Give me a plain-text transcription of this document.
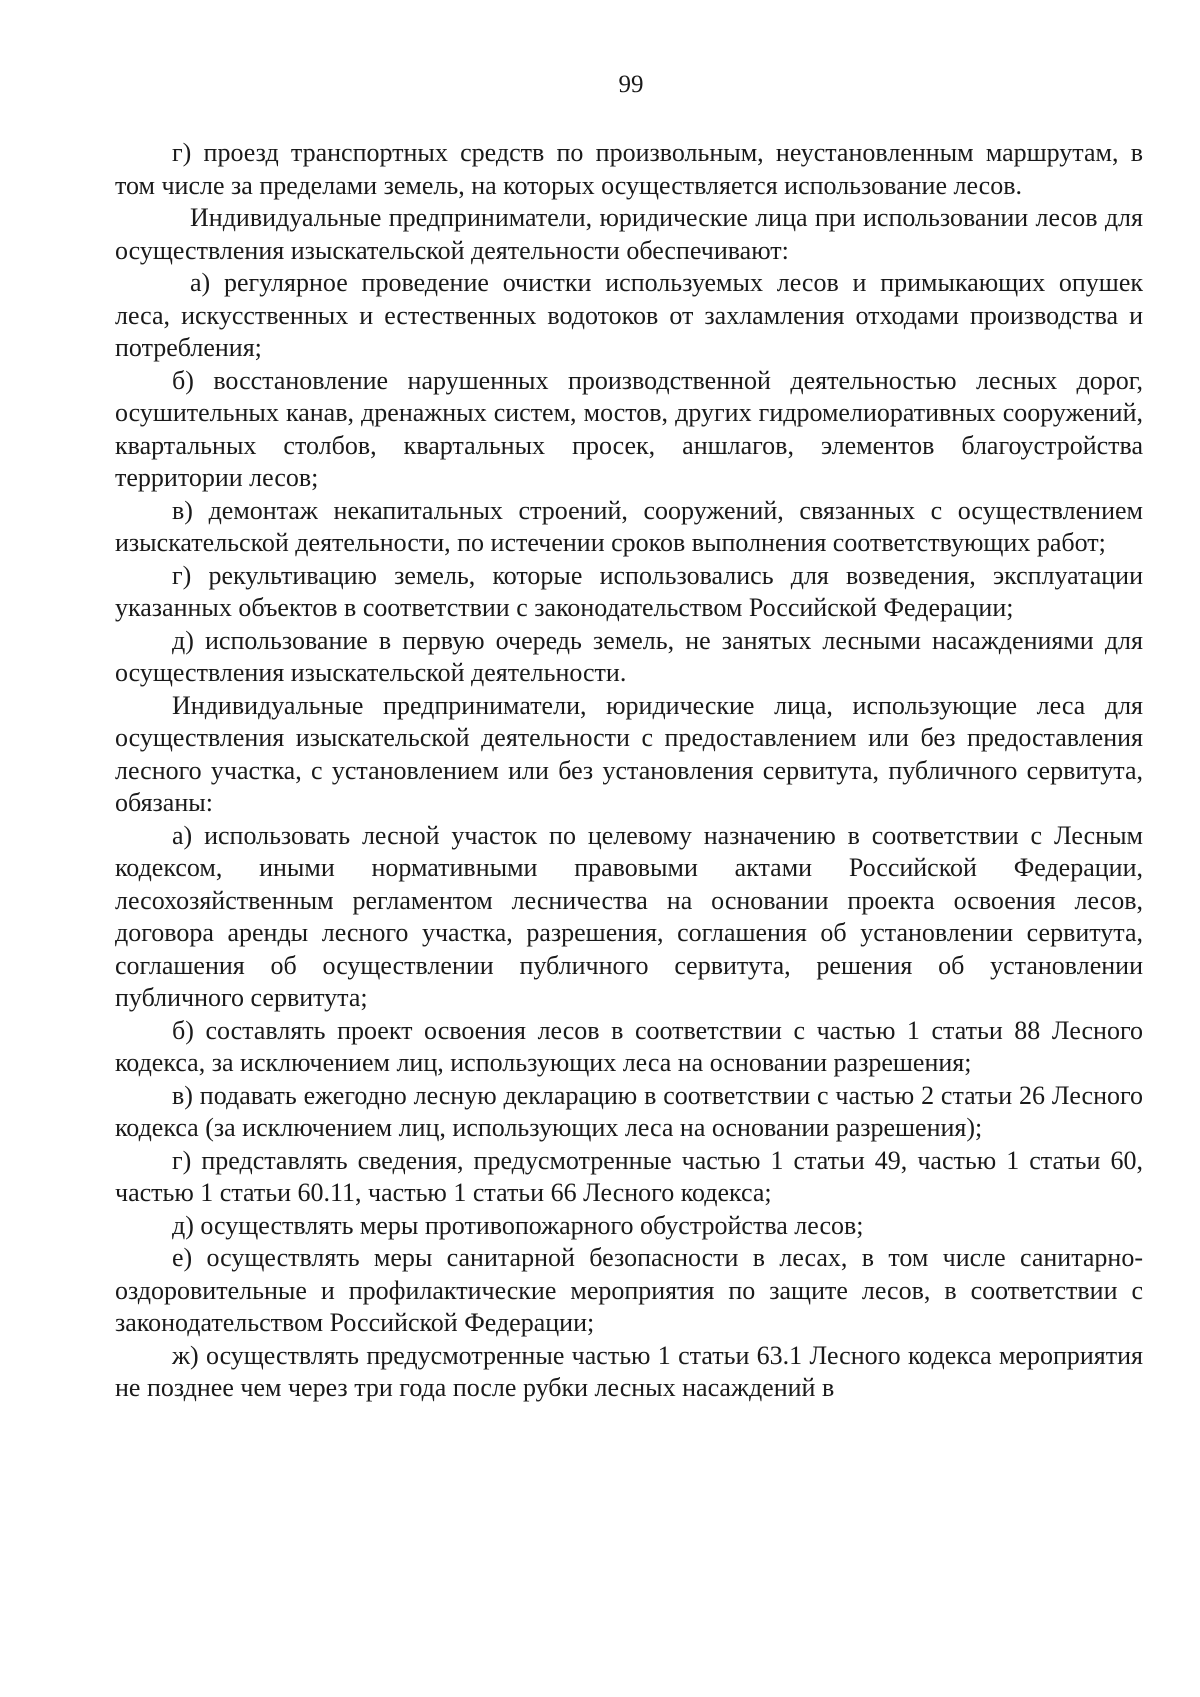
99

г) проезд транспортных средств по произвольным, неустановленным маршрутам, в том числе за пределами земель, на которых осуществляется использование лесов.

Индивидуальные предприниматели, юридические лица при использовании лесов для осуществления изыскательской деятельности обеспечивают:

а) регулярное проведение очистки используемых лесов и примыкающих опушек леса, искусственных и естественных водотоков от захламления отходами производства и потребления;

б) восстановление нарушенных производственной деятельностью лесных дорог, осушительных канав, дренажных систем, мостов, других гидромелиоративных сооружений, квартальных столбов, квартальных просек, аншлагов, элементов благоустройства территории лесов;

в) демонтаж некапитальных строений, сооружений, связанных с осуществлением изыскательской деятельности, по истечении сроков выполнения соответствующих работ;

г) рекультивацию земель, которые использовались для возведения, эксплуатации указанных объектов в соответствии с законодательством Российской Федерации;

д) использование в первую очередь земель, не занятых лесными насаждениями для осуществления изыскательской деятельности.

Индивидуальные предприниматели, юридические лица, использующие леса для осуществления изыскательской деятельности с предоставлением или без предоставления лесного участка, с установлением или без установления сервитута, публичного сервитута, обязаны:

а) использовать лесной участок по целевому назначению в соответствии с Лесным кодексом, иными нормативными правовыми актами Российской Федерации, лесохозяйственным регламентом лесничества на основании проекта освоения лесов, договора аренды лесного участка, разрешения, соглашения об установлении сервитута, соглашения об осуществлении публичного сервитута, решения об установлении публичного сервитута;

б) составлять проект освоения лесов в соответствии с частью 1 статьи 88 Лесного кодекса, за исключением лиц, использующих леса на основании разрешения;

в) подавать ежегодно лесную декларацию в соответствии с частью 2 статьи 26 Лесного кодекса (за исключением лиц, использующих леса на основании разрешения);

г) представлять сведения, предусмотренные частью 1 статьи 49, частью 1 статьи 60, частью 1 статьи 60.11, частью 1 статьи 66 Лесного кодекса;

д) осуществлять меры противопожарного обустройства лесов;

е) осуществлять меры санитарной безопасности в лесах, в том числе санитарно-оздоровительные и профилактические мероприятия по защите лесов, в соответствии с законодательством Российской Федерации;

ж) осуществлять предусмотренные частью 1 статьи 63.1 Лесного кодекса мероприятия не позднее чем через три года после рубки лесных насаждений в
